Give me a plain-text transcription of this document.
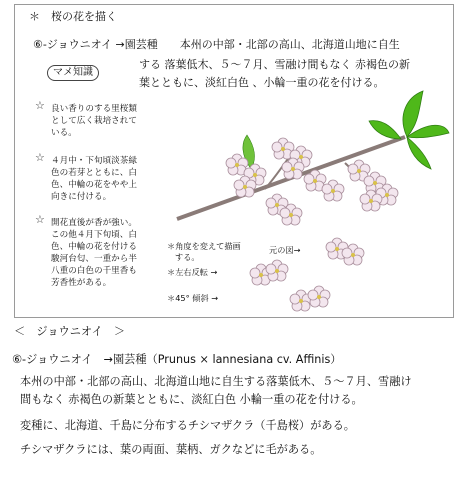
＊　桜の花を描く
⑥-ジョウニオイ →園芸種　　本州の中部・北部の高山、北海道山地に自生
する 落葉低木、５～７月、雪融け間もなく 赤褐色の新
葉とともに、淡紅白色 、小輪一重の花を付ける。
マメ知識
☆ 良い香りのする里桜類
として広く栽培されて
いる。
☆ ４月中・下旬頃淡茶緑
色の若芽とともに、白
色、中輪の花をやや上
向きに付ける。
☆ 開花直後が香が強い。
この他４月下旬頃、白
色、中輪の花を付ける
駿河台匂、一重から半
八重の白色の千里香も
芳香性がある。
＊角度を変えて描画
する。
元の図→
＊左右反転 →
＊45° 傾斜 →
＜　ジョウニオイ　＞
⑥-ジョウニオイ　→園芸種（Prunus × lannesiana cv. Affinis）
本州の中部・北部の高山、北海道山地に自生する落葉低木、５～７月、雪融け
間もなく 赤褐色の新葉とともに、淡紅白色 小輪一重の花を付ける。
変種に、北海道、千島に分布するチシマザクラ（千島桜）がある。
チシマザクラには、葉の両面、葉柄、ガクなどに毛がある。
